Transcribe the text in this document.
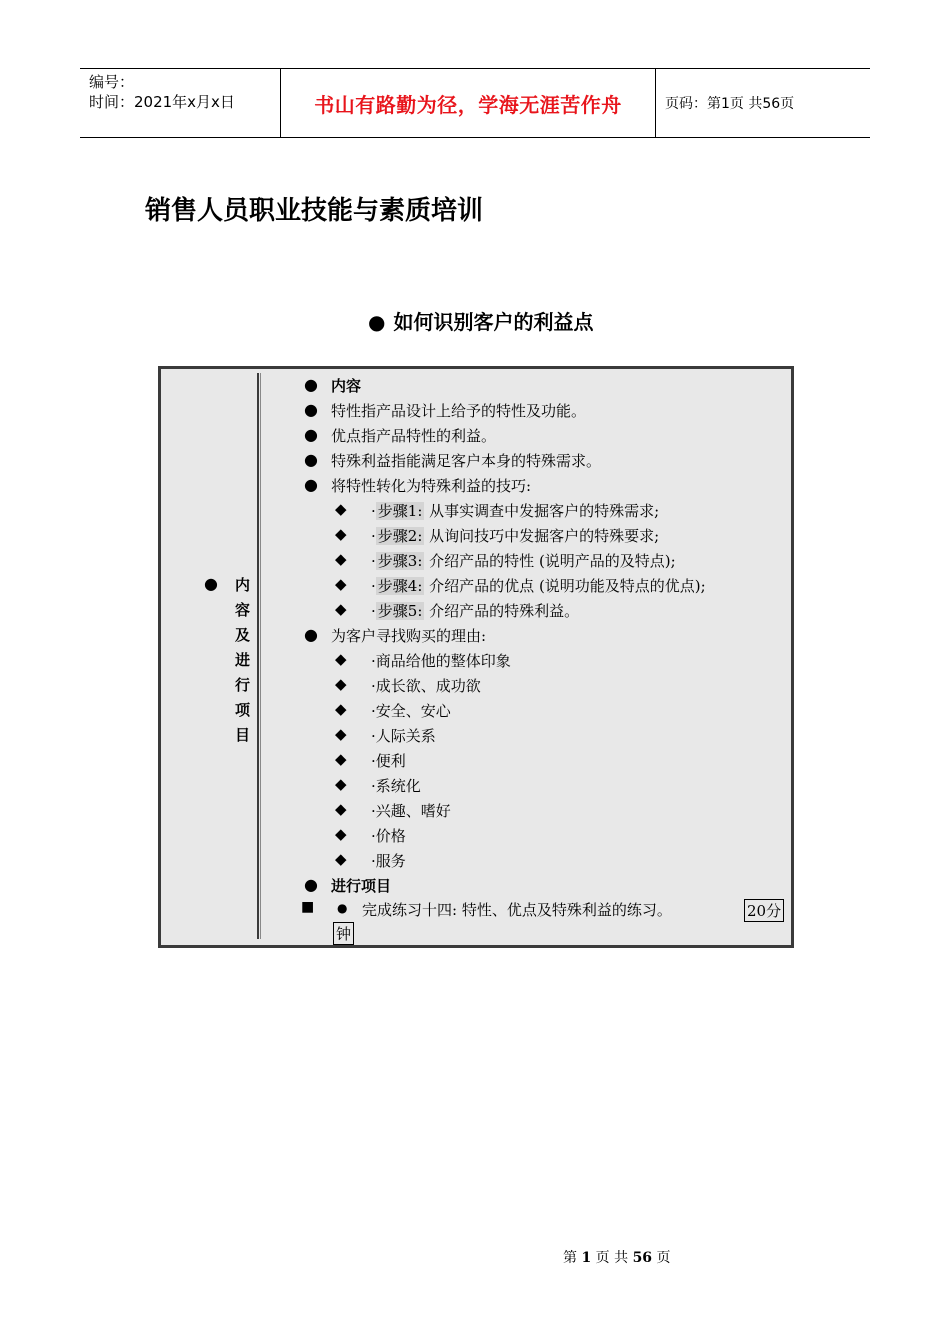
编号：
时间：2021年x月x日	书山有路勤为径，学海无涯苦作舟	页码：第1页 共56页
销售人员职业技能与素质培训
● 如何识别客户的利益点
● 内
容
及
进
行
项
目
● 内容
● 特性指产品设计上给予的特性及功能。
● 优点指产品特性的利益。
● 特殊利益指能满足客户本身的特殊需求。
● 将特性转化为特殊利益的技巧:
◆ · 步骤1: 从事实调查中发掘客户的特殊需求;
◆ · 步骤2: 从询问技巧中发掘客户的特殊要求;
◆ · 步骤3: 介绍产品的特性 (说明产品的及特点);
◆ · 步骤4: 介绍产品的优点 (说明功能及特点的优点);
◆ · 步骤5: 介绍产品的特殊利益。
● 为客户寻找购买的理由:
◆ ·商品给他的整体印象
◆ ·成长欲、成功欲
◆ ·安全、安心
◆ ·人际关系
◆ ·便利
◆ ·系统化
◆ ·兴趣、嗜好
◆ ·价格
◆ ·服务
● 进行项目
■ ● 完成练习十四: 特性、优点及特殊利益的练习。	20分
钟
第 1 页 共 56 页
